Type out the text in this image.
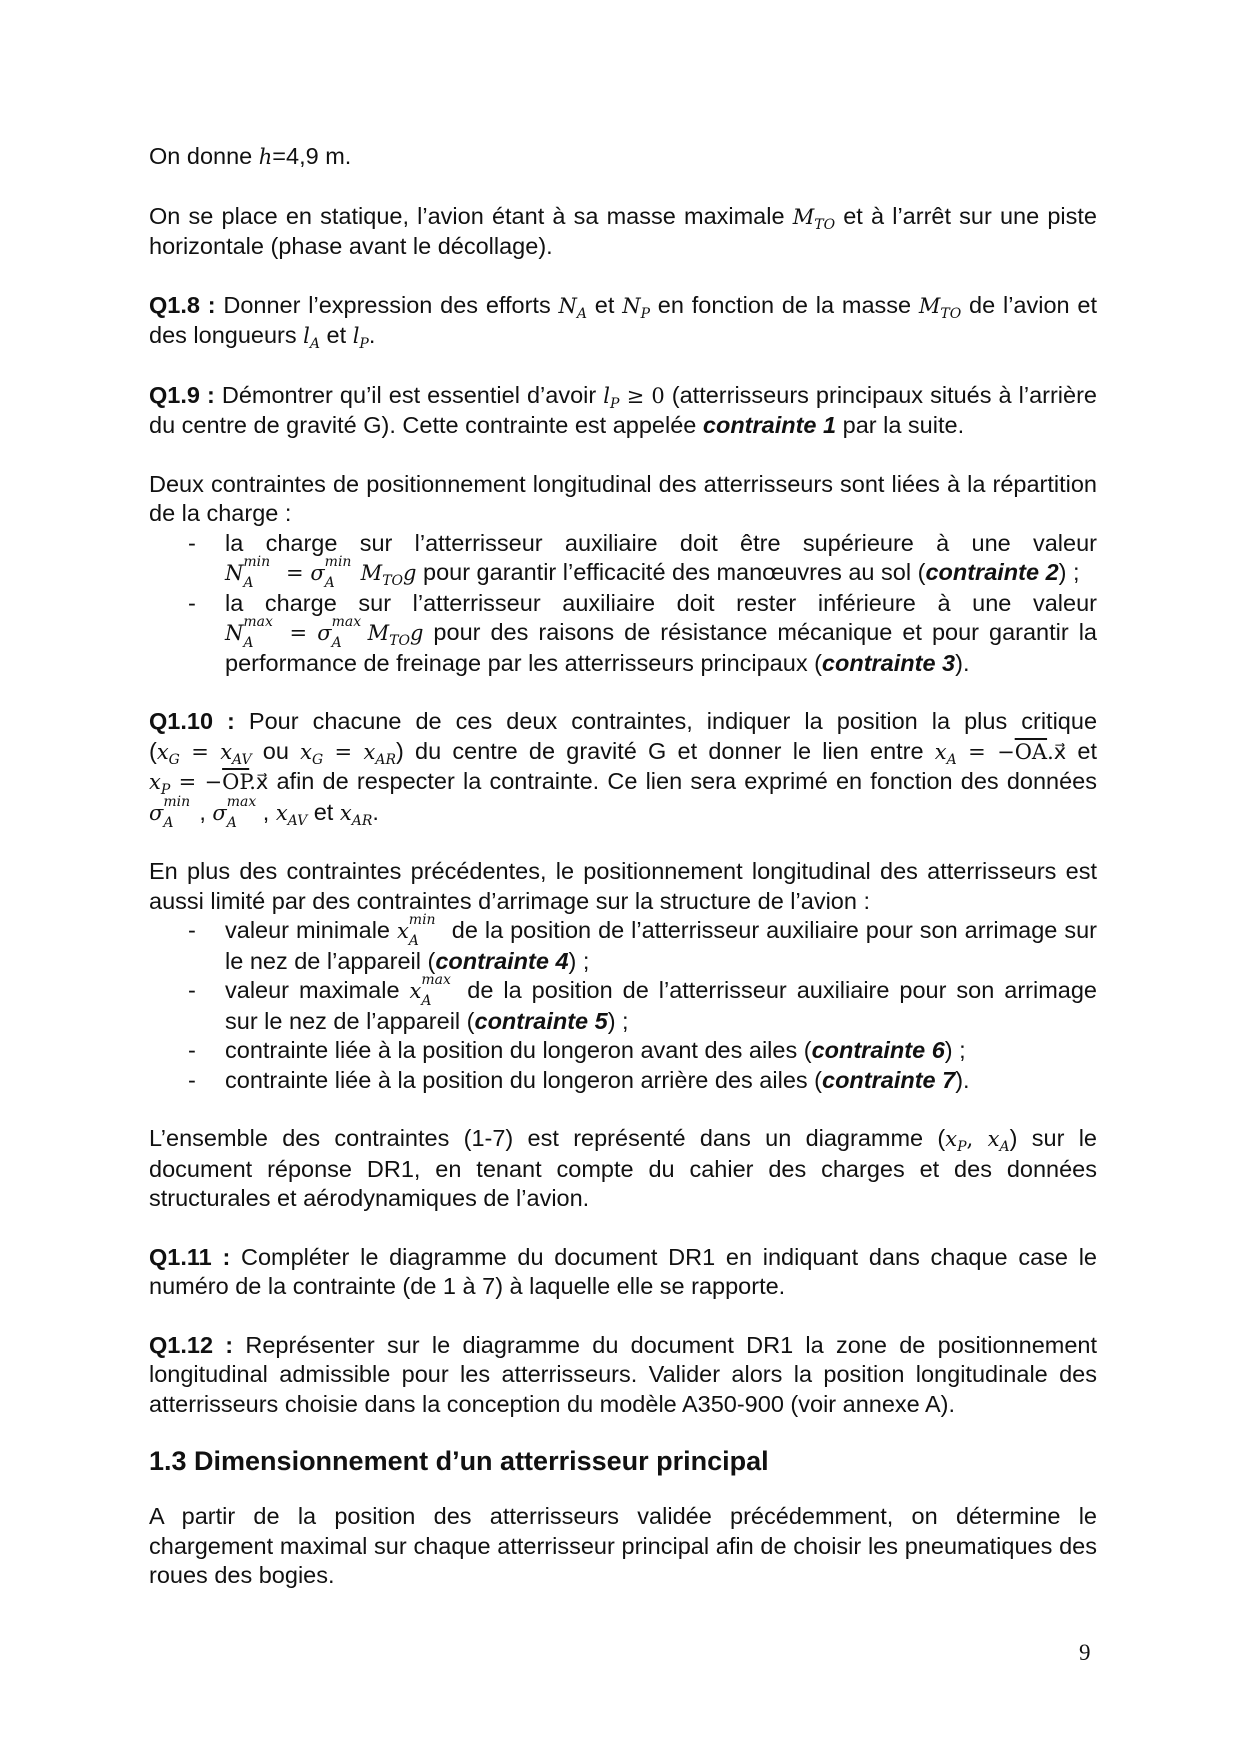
On donne h=4,9 m.

On se place en statique, l’avion étant à sa masse maximale $M_{TO}$ et à l’arrêt sur une piste horizontale (phase avant le décollage).

Q1.8 : Donner l’expression des efforts $N_A$ et $N_P$ en fonction de la masse $M_{TO}$ de l’avion et des longueurs $l_A$ et $l_P$.

Q1.9 : Démontrer qu’il est essentiel d’avoir $l_P \ge 0$ (atterrisseurs principaux situés à l’arrière du centre de gravité G). Cette contrainte est appelée contrainte 1 par la suite.

Deux contraintes de positionnement longitudinal des atterrisseurs sont liées à la répartition de la charge :

- la charge sur l’atterrisseur auxiliaire doit être supérieure à une valeur N min
A = σ min
A $M_{TO}g$ pour garantir l’efficacité des manœuvres au sol (contrainte 2) ;
- la charge sur l’atterrisseur auxiliaire doit rester inférieure à une valeur N max
A = σ max
A $M_{TO}g$ pour des raisons de résistance mécanique et pour garantir la performance de freinage par les atterrisseurs principaux (contrainte 3).

Q1.10 : Pour chacune de ces deux contraintes, indiquer la position la plus critique ($x_G = x_{AV}$ ou $x_G = x_{AR}$) du centre de gravité G et donner le lien entre $x_A$ = $-\overline{OA}.x⃗$ et $x_P$ = $-\overline{OP}.x⃗$ afin de respecter la contrainte. Ce lien sera exprimé en fonction des données σ min
A , σ max
A , $x_{AV}$ et $x_{AR}$.

En plus des contraintes précédentes, le positionnement longitudinal des atterrisseurs est aussi limité par des contraintes d’arrimage sur la structure de l’avion :

- valeur minimale x min
A de la position de l’atterrisseur auxiliaire pour son arrimage sur le nez de l’appareil (contrainte 4) ;
- valeur maximale x max
A de la position de l’atterrisseur auxiliaire pour son arrimage sur le nez de l’appareil (contrainte 5) ;
- contrainte liée à la position du longeron avant des ailes (contrainte 6) ;
- contrainte liée à la position du longeron arrière des ailes (contrainte 7).

L’ensemble des contraintes (1-7) est représenté dans un diagramme ($x_P$, $x_A$) sur le document réponse DR1, en tenant compte du cahier des charges et des données structurales et aérodynamiques de l’avion.

Q1.11 : Compléter le diagramme du document DR1 en indiquant dans chaque case le numéro de la contrainte (de 1 à 7) à laquelle elle se rapporte.

Q1.12 : Représenter sur le diagramme du document DR1 la zone de positionnement longitudinal admissible pour les atterrisseurs. Valider alors la position longitudinale des atterrisseurs choisie dans la conception du modèle A350-900 (voir annexe A).

1.3 Dimensionnement d’un atterrisseur principal

A partir de la position des atterrisseurs validée précédemment, on détermine le chargement maximal sur chaque atterrisseur principal afin de choisir les pneumatiques des roues des bogies.

9
